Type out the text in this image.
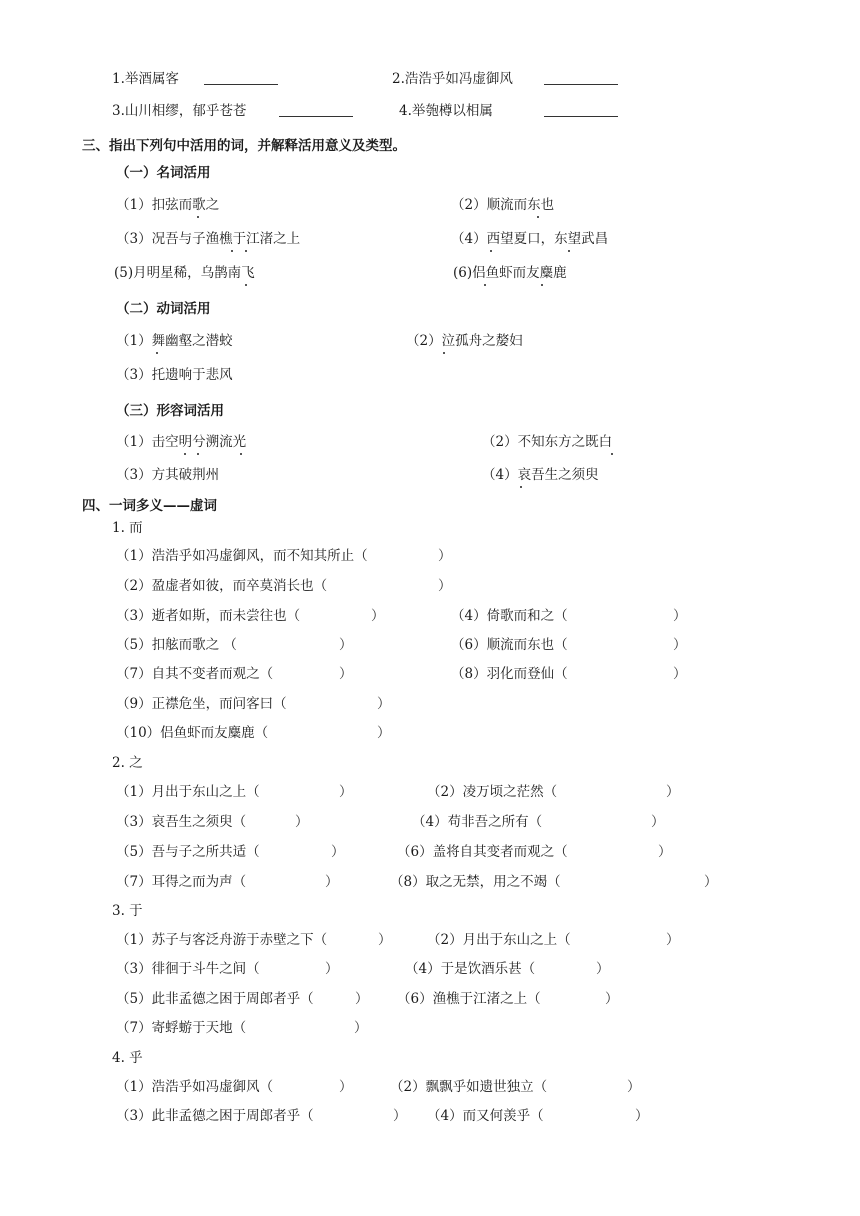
1.举酒属客	2.浩浩乎如冯虚御风
3.山川相缪，郁乎苍苍	4.举匏樽以相属
三、指出下列句中活用的词，并解释活用意义及类型。
（一）名词活用
（1）扣弦而歌之	（2）顺流而东也
（3）况吾与子渔樵于江渚之上	（4）西望夏口，东望武昌
(5)月明星稀，乌鹊南飞	(6)侣鱼虾而友麋鹿
（二）动词活用
（1）舞幽壑之潜蛟	（2）泣孤舟之嫠妇
（3）托遗响于悲风
（三）形容词活用
（1）击空明兮溯流光	（2）不知东方之既白
（3）方其破荆州	（4）哀吾生之须臾
四、一词多义——虚词
1. 而
（1）浩浩乎如冯虚御风，而不知其所止（	）
（2）盈虚者如彼，而卒莫消长也（	）
（3）逝者如斯，而未尝往也（	）	（4）倚歌而和之（	）
（5）扣舷而歌之 （	）	（6）顺流而东也（	）
（7）自其不变者而观之（	）	（8）羽化而登仙（	）
（9）正襟危坐，而问客曰（	）
（10）侣鱼虾而友麋鹿（	）
2. 之
（1）月出于东山之上（	）	（2）凌万顷之茫然（	）
（3）哀吾生之须臾（	）	（4）苟非吾之所有（	）
（5）吾与子之所共适（	）	（6）盖将自其变者而观之（	）
（7）耳得之而为声（	）	（8）取之无禁，用之不竭（	）
3. 于
（1）苏子与客泛舟游于赤壁之下（	）	（2）月出于东山之上（	）
（3）徘徊于斗牛之间（	）	（4）于是饮酒乐甚（	）
（5）此非孟德之困于周郎者乎（	） （6）渔樵于江渚之上（	）
（7）寄蜉蝣于天地（	）
4. 乎
（1）浩浩乎如冯虚御风（	）	（2）飘飘乎如遗世独立（	）
（3）此非孟德之困于周郎者乎（	） （4）而又何羡乎（	）
